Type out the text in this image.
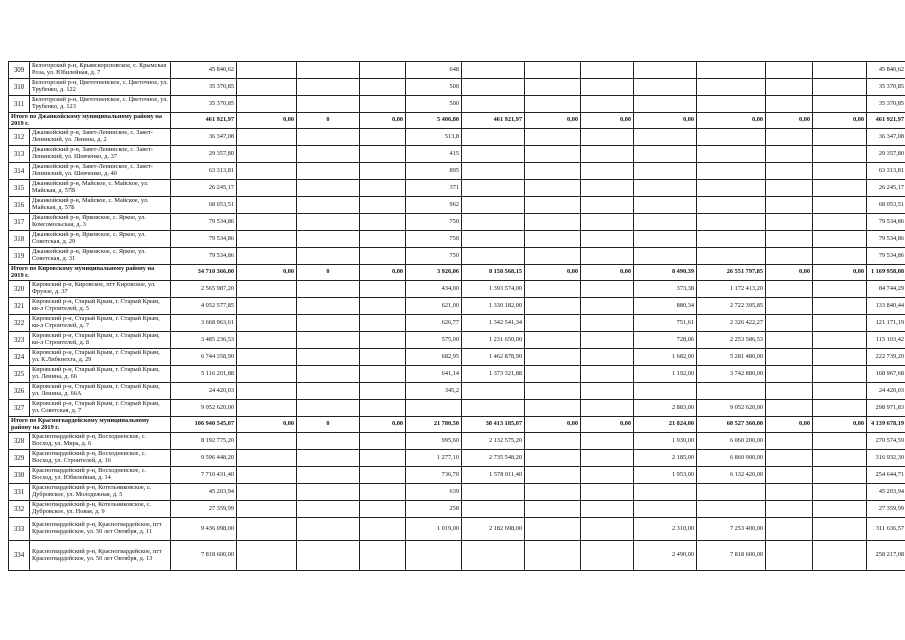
309	Белогорский р-н, Крымскорозовское, с. Крымская Роза, ул. Юбилейная, д. 7	45 840,62				648								45 840,62
310	Белогорский р-н, Цветочненское, с. Цветочное, ул. Трубенко, д. 122	35 370,85				500								35 370,85
311	Белогорский р-н, Цветочненское, с. Цветочное, ул. Трубенко, д. 123	35 370,85				500								35 370,85
Итого по Джанкойскому муниципальному району на 2019 г.		461 921,97	0,00	0	0,00	5 406,80	461 921,97	0,00	0,00	0,00	0,00	0,00	0,00	461 921,97
312	Джанкойский р-н, Завет-Ленинское, с. Завет-Ленинский, ул. Ленина, д. 2	36 347,08				513,8								36 347,08
313	Джанкойский р-н, Завет-Ленинское, с. Завет-Ленинский, ул. Шевченко, д. 37	29 357,80				415								29 357,80
314	Джанкойский р-н, Завет-Ленинское, с. Завет-Ленинский, ул. Шевченко, д. 40	63 313,81				895								63 313,81
315	Джанкойский р-н, Майское, с. Майское, ул. Майская, д. 57В	26 245,17				371								26 245,17
316	Джанкойский р-н, Майское, с. Майское, ул. Майская, д. 57Б	68 053,51				962								68 053,51
317	Джанкойский р-н, Ярковское, с. Яркое, ул. Комсомольская, д. 3	79 534,86				750								79 534,86
318	Джанкойский р-н, Ярковское, с. Яркое, ул. Советская, д. 29	79 534,86				750								79 534,86
319	Джанкойский р-н, Ярковское, с. Яркое, ул. Советская, д. 31	79 534,86				750								79 534,86
Итого по Кировскому муниципальному району на 2019 г.		34 710 366,00	0,00	0	0,00	3 926,06	8 158 568,15	0,00	0,00	8 490,39	26 551 797,85	0,00	0,00	1 169 958,08
320	Кировский р-н, Кировское, пгт Кировское, ул. Фрунзе, д. 37	2 565 987,20				434,00	1 393 574,00			373,38	1 172 413,20			84 744,29
321	Кировский р-н, Старый Крым, г. Старый Крым, кв-л Строителей, д. 5	4 052 577,85				621,00	1 330 182,00			880,34	2 722 395,85			133 840,44
322	Кировский р-н, Старый Крым, г. Старый Крым, кв-л Строителей, д. 7	3 668 963,61				626,77	1 342 541,34			751,61	2 326 422,27			121 171,19
323	Кировский р-н, Старый Крым, г. Старый Крым, кв-л Строителей, д. 8	3 485 236,53				575,00	1 231 650,00			728,06	2 253 586,53			115 103,42
324	Кировский р-н, Старый Крым, г. Старый Крым, ул. К.Либкнехта, д. 29	6 744 358,90				682,95	1 462 878,90			1 682,00	5 281 480,00			222 739,20
325	Кировский р-н, Старый Крым, г. Старый Крым, ул. Ленина, д. 66	5 116 201,88				641,14	1 373 321,88			1 192,00	3 742 880,00			168 967,68
326	Кировский р-н, Старый Крым, г. Старый Крым, ул. Ленина, д. 66А	24 420,03				345,2								24 420,03
327	Кировский р-н, Старый Крым, г. Старый Крым, ул. Советская, д. 7	9 052 620,00								2 883,00	9 052 620,00			298 971,83
Итого по Красногвардейскому муниципальному району на 2019 г.		106 940 545,07	0,00	0	0,00	21 780,50	38 413 185,07	0,00	0,00	21 824,00	68 527 360,00	0,00	0,00	4 139 678,19
328	Красногвардейский р-н, Восходненское, с. Восход, ул. Мира, д. 6	8 192 775,20				995,60	2 132 575,20			1 930,00	6 060 200,00			270 574,59
329	Красногвардейский р-н, Восходненское, с. Восход, ул. Строителей, д. 16	9 596 448,20				1 277,10	2 735 548,20			2 185,00	6 860 900,00			316 932,30
330	Красногвардейский р-н, Восходненское, с. Восход, ул. Юбилейная, д. 14	7 710 431,40				736,70	1 578 011,40			1 953,00	6 132 420,00			254 644,71
331	Красногвардейский р-н, Котельниковское, с. Дубровское, ул. Молодежная, д. 5	45 203,94				639								45 203,94
332	Красногвардейский р-н, Котельниковское, с. Дубровское, ул. Новая, д. 9	27 359,99				258								27 359,99
333	Красногвардейский р-н, Красногвардейское, пгт Красногвардейское, ул. 50 лет Октября, д. 11	9 436 098,00				1 019,00	2 182 698,00			2 310,00	7 253 400,00			311 636,57
334	Красногвардейский р-н, Красногвардейское, пгт Красногвардейское, ул. 50 лет Октября, д. 13	7 818 600,00								2 490,00	7 818 600,00			258 217,08
